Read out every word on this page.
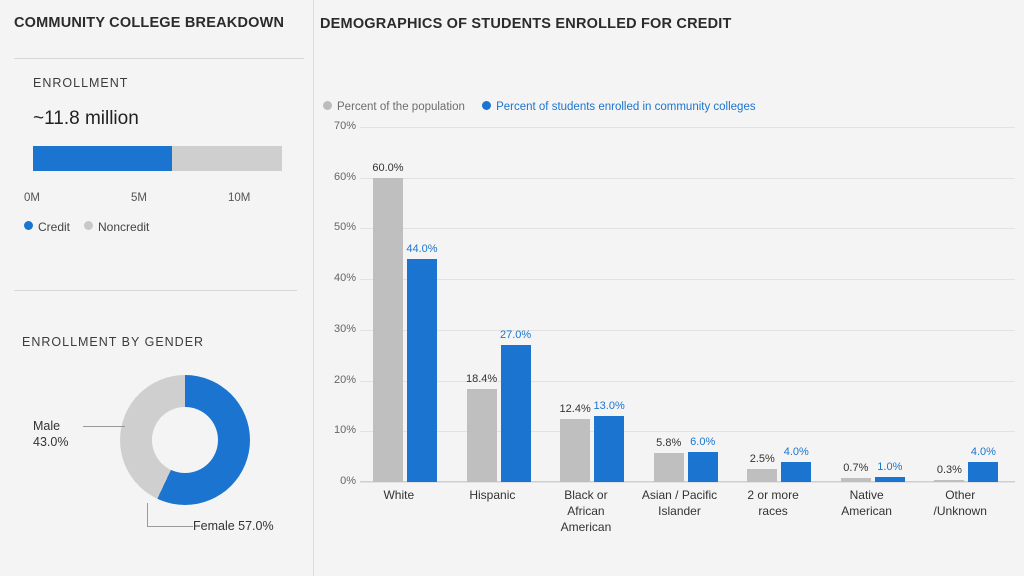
COMMUNITY COLLEGE BREAKDOWN
ENROLLMENT
~11.8 million
0M	5M	10M
Credit Noncredit
ENROLLMENT BY GENDER
Male
43.0%
Female 57.0%
DEMOGRAPHICS OF STUDENTS ENROLLED FOR CREDIT
Percent of the population	Percent of students enrolled in community colleges
0%
10%
20%
30%
40%
50%
60%
70%
60.0%
44.0%
White
18.4%
27.0%
Hispanic
12.4% 13.0%
Black or
African
American
5.8% 6.0%
Asian / Pacific
Islander
2.5%
4.0%
2 or more
races
0.7% 1.0%
Native
American
0.3%
4.0%
Other
/Unknown
